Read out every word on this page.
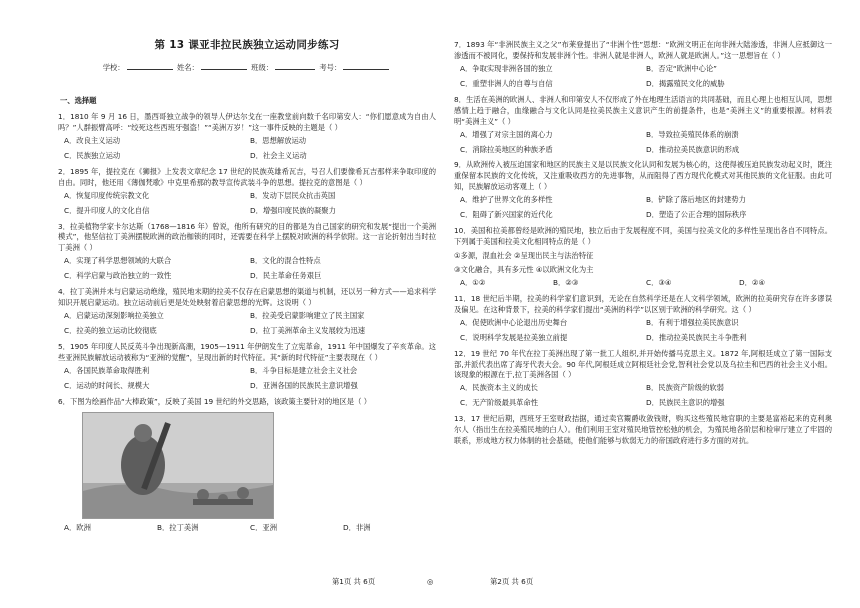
第 13 课亚非拉民族独立运动同步练习
学校：	姓名：	班级：	考号：
一、选择题
1．1810 年 9 月 16 日，墨西哥独立战争的领导人伊达尔戈在一座教堂前向数千名印第安人：“你们愿意成为自由人吗？”人群振臂高呼：“绞死这些西班牙强盗！”“美洲万岁！”这一事件反映的主题是（ ）
A．改良主义运动	B．思想解放运动
C．民族独立运动	D．社会主义运动
2．1895 年，提拉克在《狮报》上发表文章纪念 17 世纪的民族英雄希瓦吉，号召人们要像希瓦吉那样来争取印度的自由。同时，他还用《薄伽梵歌》中克里希那的教导宣传武装斗争的思想。提拉克的意图是（ ）
A．恢复印度传统宗教文化	B．发动下层民众抗击英国
C．提升印度人的文化自信	D．增强印度民族的凝聚力
3．拉美植物学家卡尔达斯（1768—1816 年）曾说，他所有研究的目的都是为自己国家的研究和发展“提出一个美洲模式”，他坚信拉丁美洲摆脱欧洲的政治枷锁的同时，还需要在科学上摆脱对欧洲的科学依附。这一言论折射出当时拉丁美洲（ ）
A．实现了科学思想领域的大联合	B．文化的混合性特点
C．科学启蒙与政治独立的一致性	D．民主革命任务艰巨
4．拉丁美洲并未与启蒙运动绝缘，殖民地末期的拉美不仅存在启蒙思想的渠道与机制，还以另一种方式——追求科学知识开展启蒙运动。独立运动前后更是处处映射着启蒙思想的光辉。这说明（ ）
A．启蒙运动深刻影响拉美独立	B．拉美受启蒙影响建立了民主国家
C．拉美的独立运动比较彻底	D．拉丁美洲革命主义发展较为迅速
5．1905 年印度人民反英斗争出现新高潮，1905—1911 年伊朗发生了立宪革命，1911 年中国爆发了辛亥革命。这些亚洲民族解放运动被称为“亚洲的觉醒”，呈现出新的时代特征。其“新的时代特征”主要表现在（ ）
A．各国民族革命取得胜利	B．斗争目标是建立社会主义社会
C．运动的时间长、规模大	D．亚洲各国的民族民主意识增强
6．下图为绘画作品“大棒政策”，反映了美国 19 世纪的外交思路，该政策主要针对的地区是（ ）
A．欧洲	B．拉丁美洲	C．亚洲	D．非洲
7．1893 年“非洲民族主义之父”布莱登提出了“非洲个性”思想：“欧洲文明正在向非洲大陆渗透，非洲人应抵御这一渗透而不被同化，要保持和发展非洲个性。非洲人就是非洲人，欧洲人就是欧洲人。”这一思想旨在（ ）
A．争取实现非洲各国的独立	B．否定“欧洲中心论”
C．重塑非洲人的自尊与自信	D．揭露殖民文化的威胁
8．生活在美洲的欧洲人、非洲人和印第安人不仅形成了外在地理生活语言的共同基础，而且心理上也相互认同，思想感情上趋于融合，血缘融合与文化认同是拉美民族主义意识产生的前提条件，也是“美洲主义”的重要根源。材料表明“美洲主义”（ ）
A．增强了对宗主国的离心力	B．导致拉美殖民体系的崩溃
C．消除拉美地区的种族矛盾	D．推动拉美民族意识的形成
9．从欧洲传入被压迫国家和地区的民族主义是以民族文化认同和发展为核心的，这使得被压迫民族发动起义时，既注重保留本民族的文化传统，又注重吸收西方的先进事物，从而阻得了西方现代化模式对其他民族的文化征服。由此可知，民族解放运动客观上（ ）
A．维护了世界文化的多样性	B．铲除了落后地区的封建势力
C．阻碍了新兴国家的近代化	D．塑造了公正合理的国际秩序
10．美国和拉美都曾经是欧洲的殖民地，独立后由于发展程度不同，美国与拉美文化的多样性呈现出各自不同特点。下列属于美国和拉美文化相同特点的是（ ）
①多源，混血社会 ②呈现出民主与法治特征
③文化融合，具有多元性 ④以欧洲文化为主
A．①②	B．②③	C．③④	D．②④
11．18 世纪后半期，拉美的科学家们意识到，无论在自然科学还是在人文科学领域，欧洲的拉美研究存在许多谬误及偏见。在这种背景下，拉美的科学家们提出“美洲的科学”以区别于欧洲的科学研究。这（ ）
A．促使欧洲中心论退出历史舞台	B．有利于增强拉美民族意识
C．说明科学发展是拉美独立前提	D．推动拉美民族民主斗争胜利
12．19 世纪 70 年代在拉丁美洲出现了第一批工人组织,并开始传播马克思主义。1872 年,阿根廷成立了第一国际支部,并派代表出席了海牙代表大会。90 年代,阿根廷成立阿根廷社会党,智利社会党以及乌拉圭和巴西的社会主义小组。该现象的根源在于,拉丁美洲各国（ ）
A．民族资本主义的成长	B．民族资产阶级的软弱
C．无产阶级最具革命性	D．民族民主意识的增强
13．17 世纪后期，西班牙王室财政拮据，通过卖官鬻爵收敛钱财，购买这些殖民地官职的主要是富裕起来的克利奥尔人（指出生在拉美殖民地的白人）。他们利用王室对殖民地管控松弛的机会，为殖民地各阶层和检审厅建立了牢固的联系，形成地方权力体制的社会基础，使他们能够与软弱无力的帝国政府进行多方面的对抗。
第1页 共 6页	◎	第2页 共 6页
